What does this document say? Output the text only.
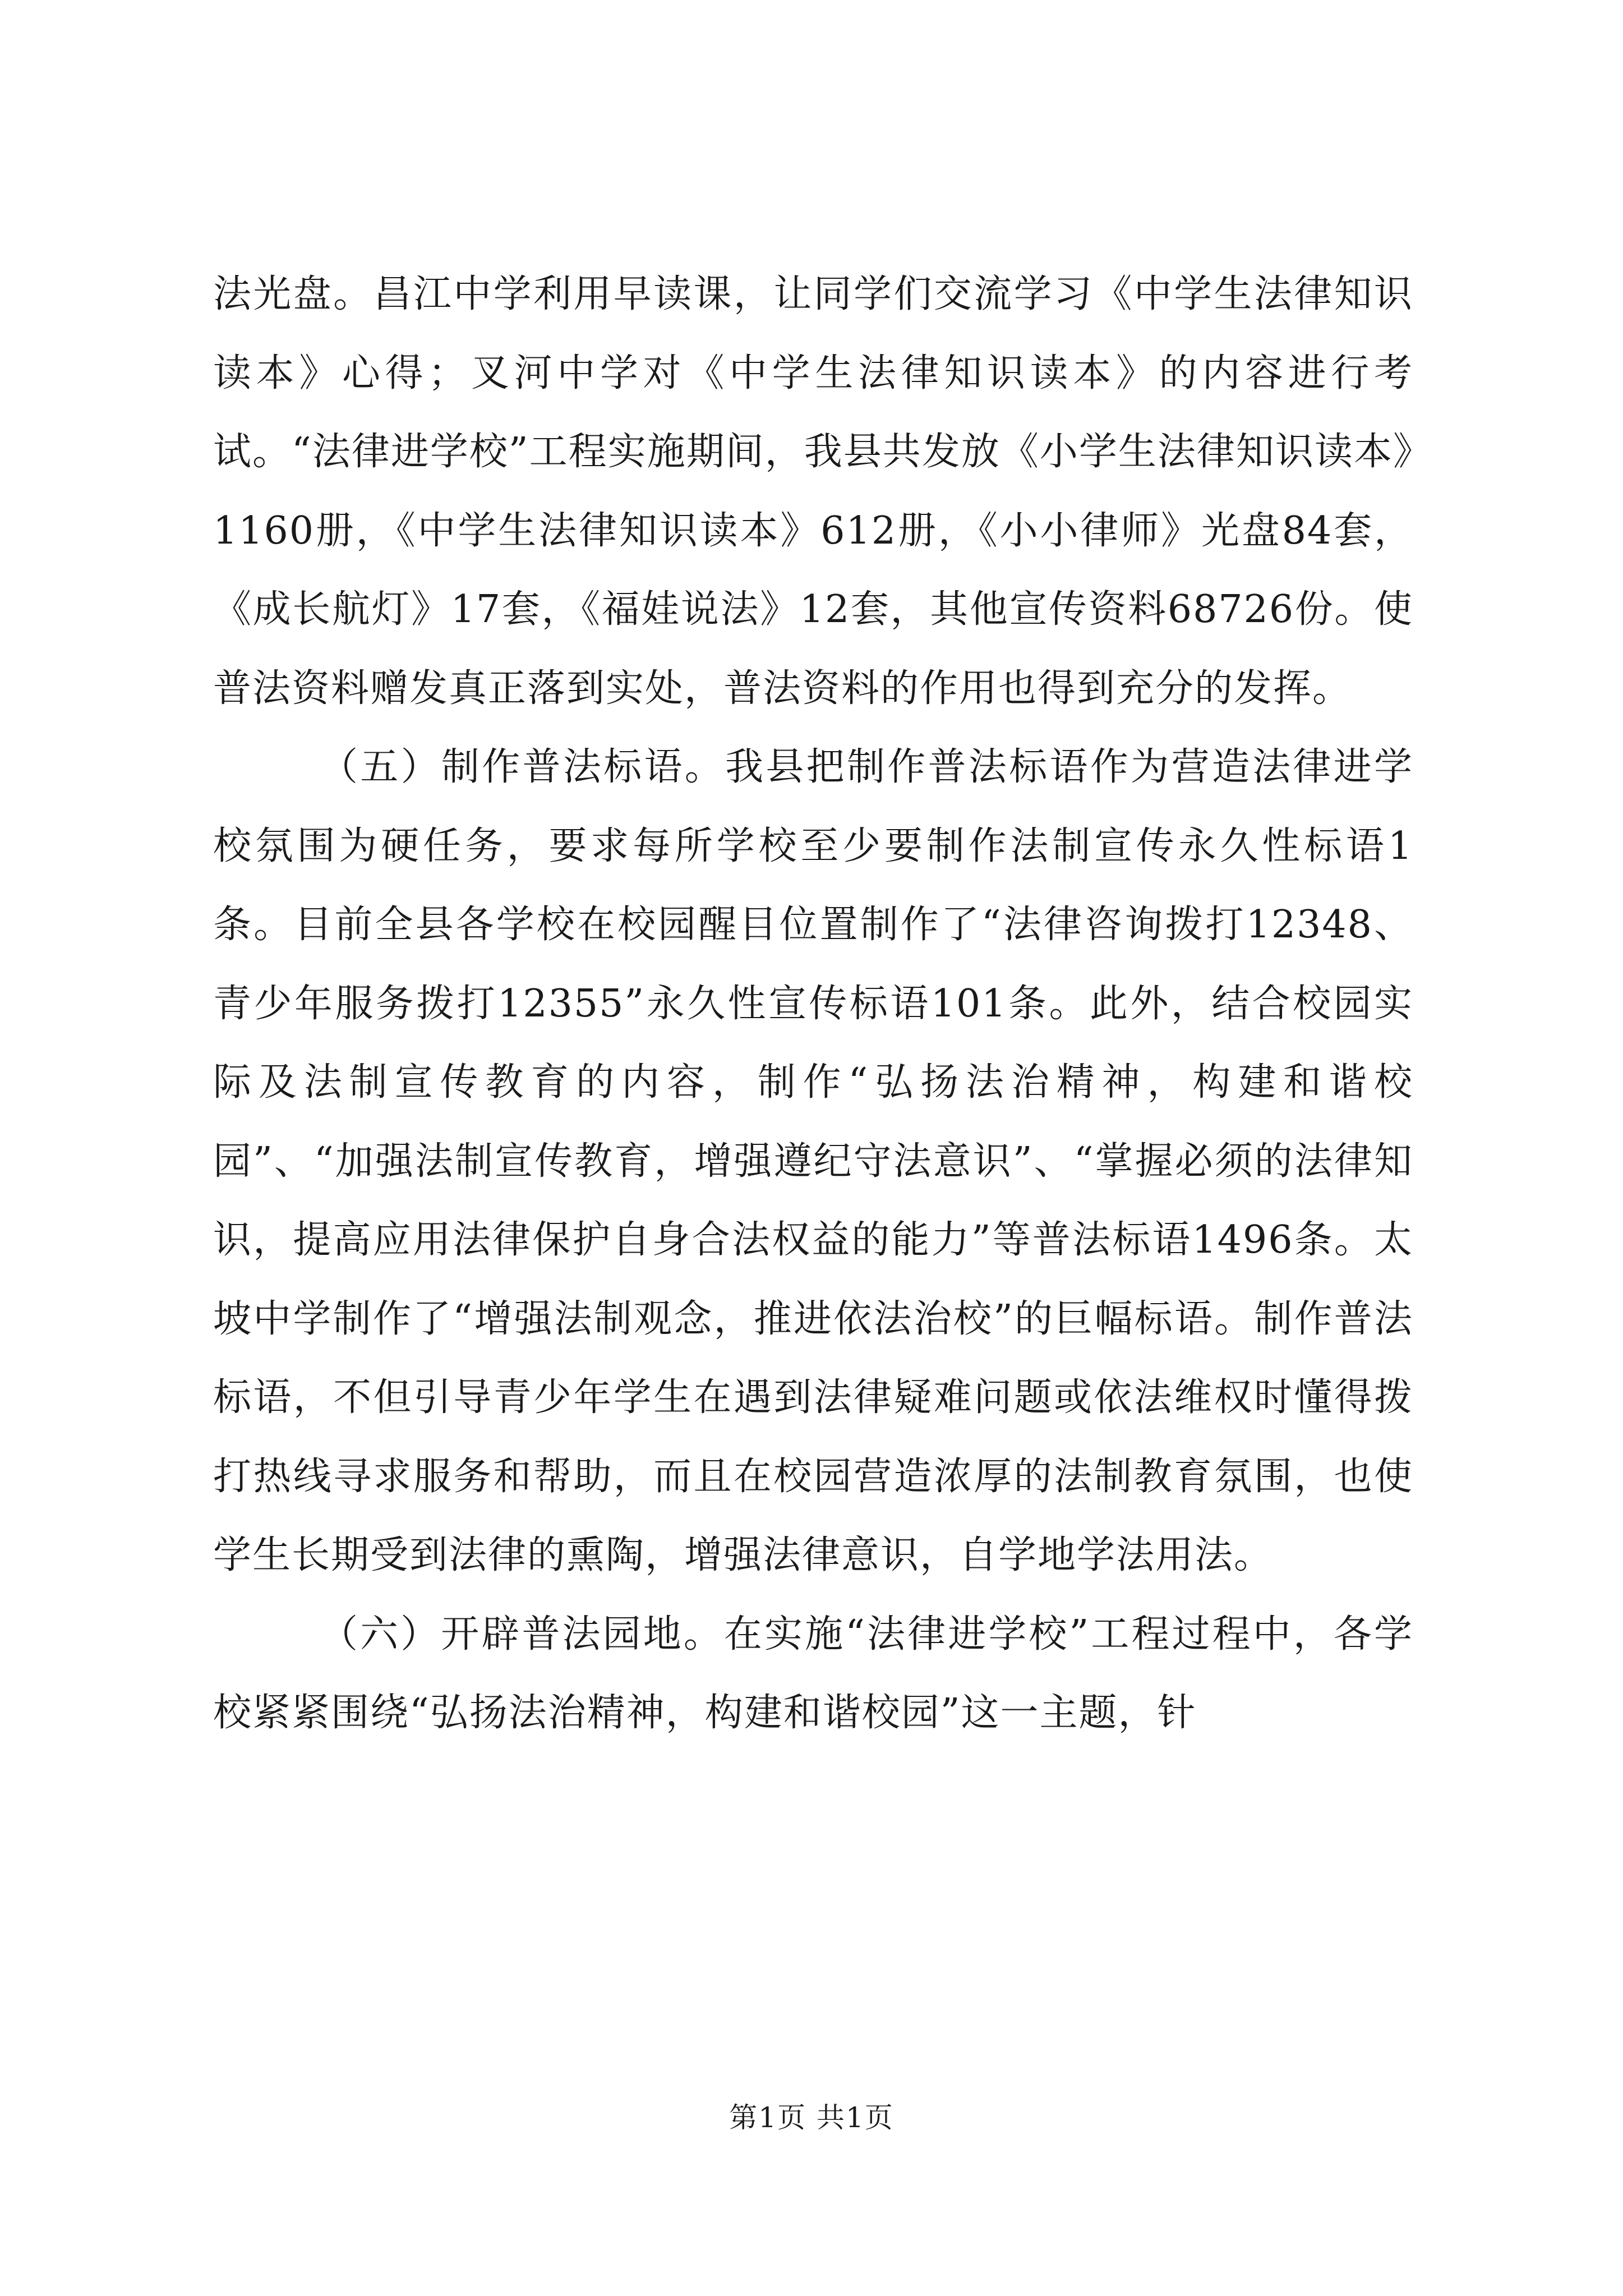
法光盘。昌江中学利用早读课，让同学们交流学习《中学生法律知识读本》心得；叉河中学对《中学生法律知识读本》的内容进行考试。“法律进学校”工程实施期间，我县共发放《小学生法律知识读本》1160册，《中学生法律知识读本》612册，《小小律师》光盘84套，《成长航灯》17套，《福娃说法》12套，其他宣传资料68726份。使普法资料赠发真正落到实处，普法资料的作用也得到充分的发挥。

（五）制作普法标语。我县把制作普法标语作为营造法律进学校氛围为硬任务，要求每所学校至少要制作法制宣传永久性标语1条。目前全县各学校在校园醒目位置制作了“法律咨询拨打12348、青少年服务拨打12355”永久性宣传标语101条。此外，结合校园实际及法制宣传教育的内容，制作“弘扬法治精神，构建和谐校园”、“加强法制宣传教育，增强遵纪守法意识”、“掌握必须的法律知识，提高应用法律保护自身合法权益的能力”等普法标语1496条。太坡中学制作了“增强法制观念，推进依法治校”的巨幅标语。制作普法标语，不但引导青少年学生在遇到法律疑难问题或依法维权时懂得拨打热线寻求服务和帮助，而且在校园营造浓厚的法制教育氛围，也使学生长期受到法律的熏陶，增强法律意识，自学地学法用法。

（六）开辟普法园地。在实施“法律进学校”工程过程中，各学校紧紧围绕“弘扬法治精神，构建和谐校园”这一主题，针

第1页 共1页
